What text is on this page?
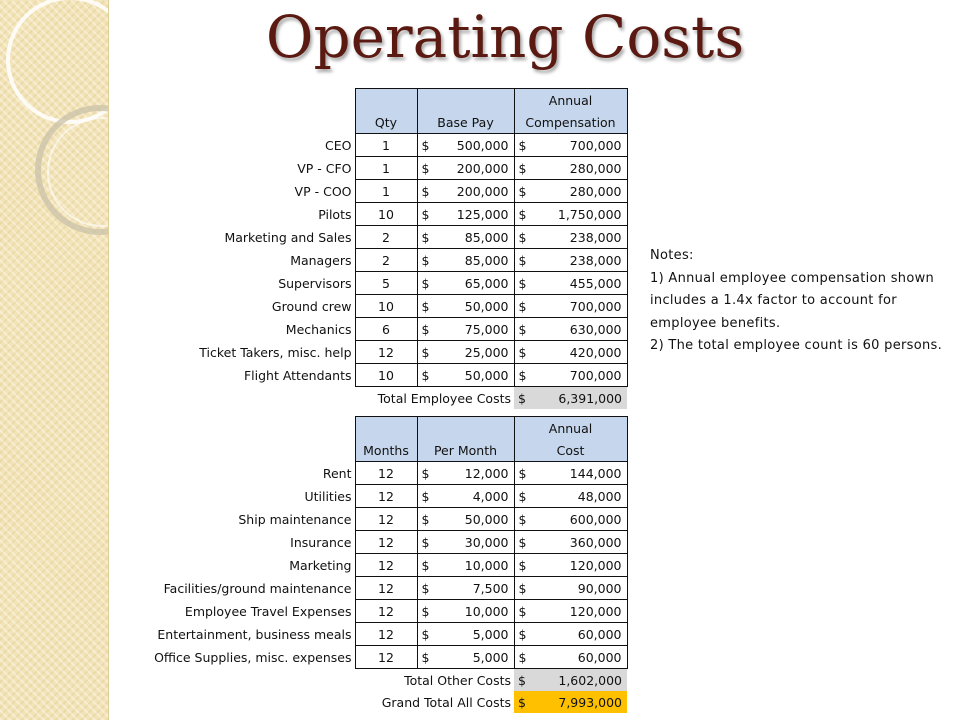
Operating Costs
			Annual
	Qty	Base Pay	Compensation
CEO	1	$ 500,000	$ 700,000

VP - CFO	1	$ 200,000	$ 280,000

VP - COO	1	$ 200,000	$ 280,000

Pilots	10	$ 125,000	$ 1,750,000

Marketing and Sales	2	$ 85,000	$ 238,000

Managers	2	$ 85,000	$ 238,000

Supervisors	5	$ 65,000	$ 455,000

Ground crew	10	$ 50,000	$ 700,000

Mechanics	6	$ 75,000	$ 630,000

Ticket Takers, misc. help	12	$ 25,000	$ 420,000

Flight Attendants	10	$ 50,000	$ 700,000

	Total Employee Costs		$ 6,391,000
			Annual
	Months	Per Month	Cost
Rent	12	$ 12,000	$ 144,000

Utilities	12	$ 4,000	$ 48,000

Ship maintenance	12	$ 50,000	$ 600,000

Insurance	12	$ 30,000	$ 360,000

Marketing	12	$ 10,000	$ 120,000

Facilities/ground maintenance	12	$ 7,500	$ 90,000

Employee Travel Expenses	12	$ 10,000	$ 120,000

Entertainment, business meals	12	$ 5,000	$ 60,000

Office Supplies, misc. expenses	12	$ 5,000	$ 60,000

	Total Other Costs		$ 1,602,000

	Grand Total All Costs		$ 7,993,000
Notes:
1) Annual employee compensation shown
includes a 1.4x factor to account for
employee benefits.
2) The total employee count is 60 persons.
